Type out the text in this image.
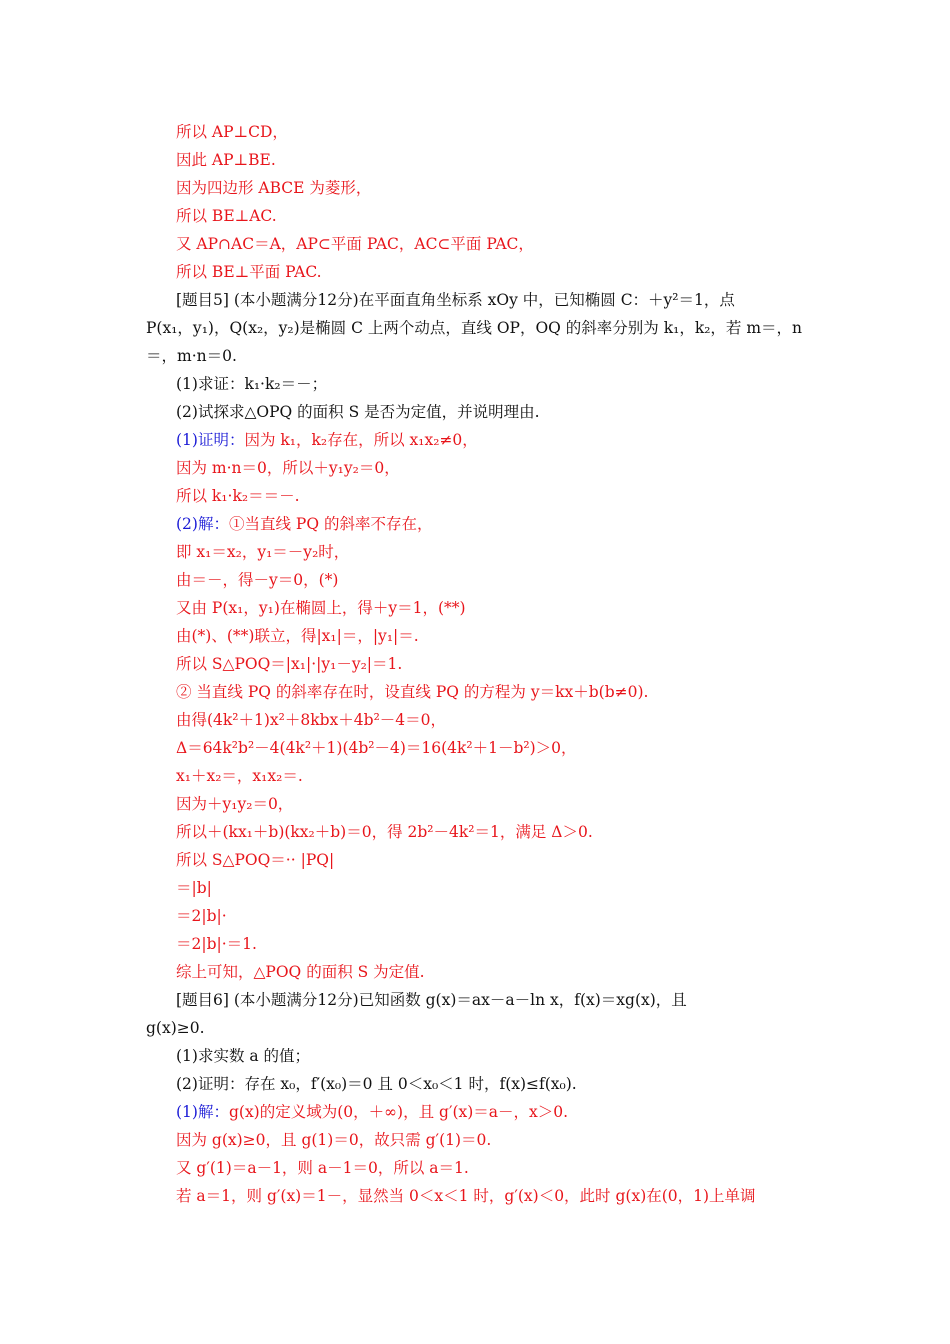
所以 AP⊥CD，
因此 AP⊥BE.
因为四边形 ABCE 为菱形，
所以 BE⊥AC.
又 AP∩AC＝A，AP⊂平面 PAC，AC⊂平面 PAC，
所以 BE⊥平面 PAC.
[题目5] (本小题满分12分)在平面直角坐标系 xOy 中，已知椭圆 C：＋y²＝1，点
P(x₁，y₁)，Q(x₂，y₂)是椭圆 C 上两个动点，直线 OP，OQ 的斜率分别为 k₁，k₂，若 m＝，n
＝，m·n＝0.
(1)求证：k₁·k₂＝－；
(2)试探求△OPQ 的面积 S 是否为定值，并说明理由.
(1)证明：因为 k₁，k₂存在，所以 x₁x₂≠0，
因为 m·n＝0，所以＋y₁y₂＝0，
所以 k₁·k₂＝＝－.
(2)解：①当直线 PQ 的斜率不存在，
即 x₁＝x₂，y₁＝－y₂时，
由＝－，得－y＝0，(*)
又由 P(x₁，y₁)在椭圆上，得＋y＝1，(**)
由(*)、(**)联立，得|x₁|＝，|y₁|＝.
所以 S△POQ＝|x₁|·|y₁－y₂|＝1.
② 当直线 PQ 的斜率存在时，设直线 PQ 的方程为 y＝kx＋b(b≠0).
由得(4k²＋1)x²＋8kbx＋4b²－4＝0，
Δ＝64k²b²－4(4k²＋1)(4b²－4)＝16(4k²＋1－b²)＞0，
x₁＋x₂＝，x₁x₂＝.
因为＋y₁y₂＝0，
所以＋(kx₁＋b)(kx₂＋b)＝0，得 2b²－4k²＝1，满足 Δ＞0.
所以 S△POQ＝·· |PQ|
＝|b|
＝2|b|·
＝2|b|·＝1.
综上可知，△POQ 的面积 S 为定值.
[题目6] (本小题满分12分)已知函数 g(x)＝ax－a－ln x，f(x)＝xg(x)，且
g(x)≥0.
(1)求实数 a 的值；
(2)证明：存在 x₀，f′(x₀)＝0 且 0＜x₀＜1 时，f(x)≤f(x₀).
(1)解：g(x)的定义域为(0，＋∞)，且 g′(x)＝a－，x＞0.
因为 g(x)≥0，且 g(1)＝0，故只需 g′(1)＝0.
又 g′(1)＝a－1，则 a－1＝0，所以 a＝1.
若 a＝1，则 g′(x)＝1－，显然当 0＜x＜1 时，g′(x)＜0，此时 g(x)在(0，1)上单调
